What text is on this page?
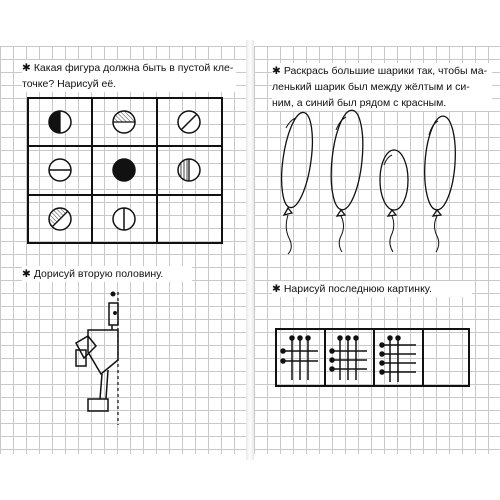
✱ Какая фигура должна быть в пустой кле-
точке? Нарисуй её.
✱ Дорисуй вторую половину.
✱ Раскрась большие шарики так, чтобы ма-
ленький шарик был между жёлтым и си-
ним, а синий был рядом с красным.
✱ Нарисуй последнюю картинку.
